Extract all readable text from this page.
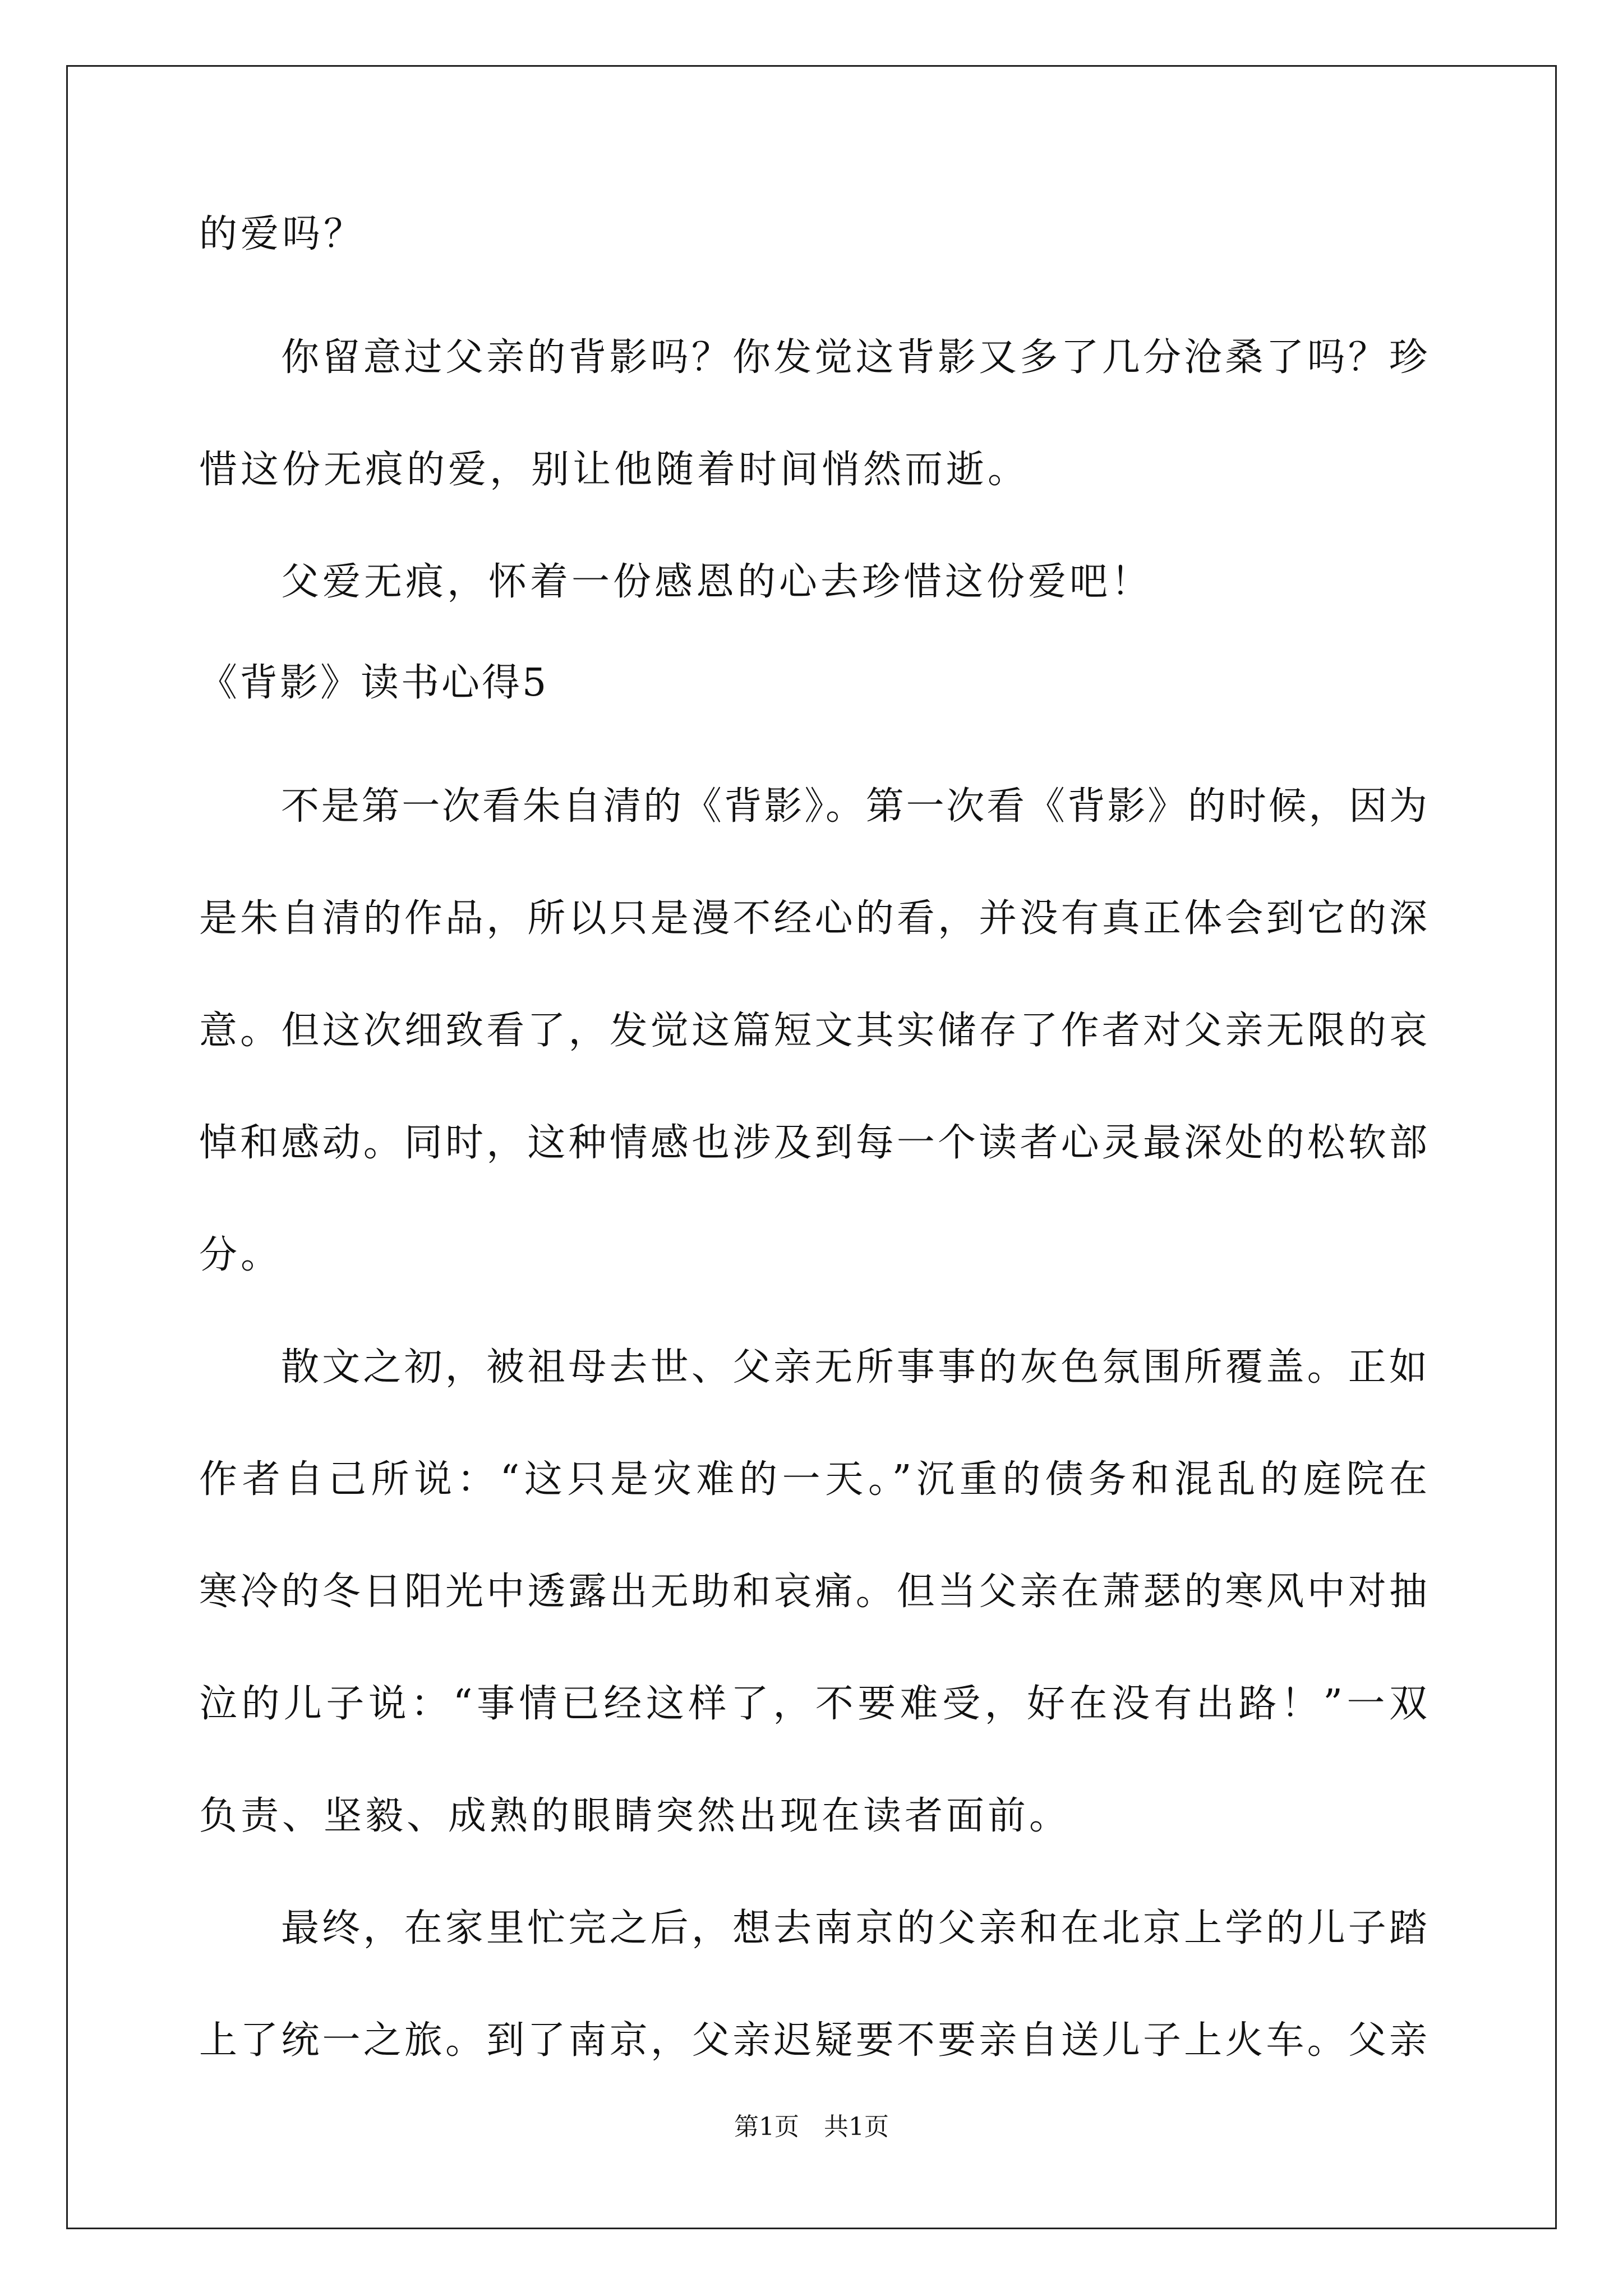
的爱吗？
你留意过父亲的背影吗？你发觉这背影又多了几分沧桑了吗？珍
惜这份无痕的爱，别让他随着时间悄然而逝。
父爱无痕，怀着一份感恩的心去珍惜这份爱吧！
《背影》读书心得5
不是第一次看朱自清的《背影》。第一次看《背影》的时候，因为
是朱自清的作品，所以只是漫不经心的看，并没有真正体会到它的深
意。但这次细致看了，发觉这篇短文其实储存了作者对父亲无限的哀
悼和感动。同时，这种情感也涉及到每一个读者心灵最深处的松软部
分。
散文之初，被祖母去世、父亲无所事事的灰色氛围所覆盖。正如
作者自己所说：“这只是灾难的一天。”沉重的债务和混乱的庭院在
寒冷的冬日阳光中透露出无助和哀痛。但当父亲在萧瑟的寒风中对抽
泣的儿子说：“事情已经这样了，不要难受，好在没有出路！”一双
负责、坚毅、成熟的眼睛突然出现在读者面前。
最终，在家里忙完之后，想去南京的父亲和在北京上学的儿子踏
上了统一之旅。到了南京，父亲迟疑要不要亲自送儿子上火车。父亲
第1页　共1页
